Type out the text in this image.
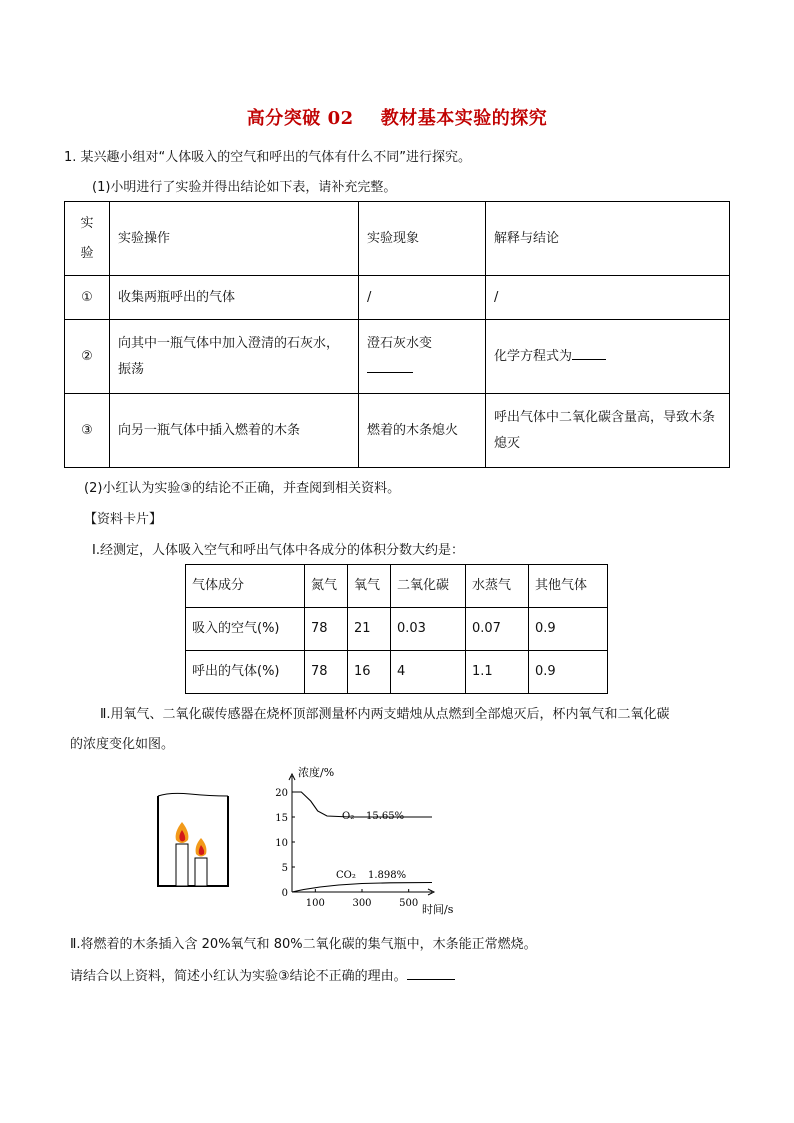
高分突破 02 教材基本实验的探究
1. 某兴趣小组对“人体吸入的空气和呼出的气体有什么不同”进行探究。
(1)小明进行了实验并得出结论如下表，请补充完整。
实
验	实验操作	实验现象	解释与结论
①	收集两瓶呼出的气体	/	/
②	向其中一瓶气体中加入澄清的石灰水，
振荡	澄石灰水变	化学方程式为
③	向另一瓶气体中插入燃着的木条	燃着的木条熄火	呼出气体中二氧化碳含量高，导致木条
熄灭
(2)小红认为实验③的结论不正确，并查阅到相关资料。
【资料卡片】
Ⅰ.经测定，人体吸入空气和呼出气体中各成分的体积分数大约是：
气体成分	氮气	氧气	二氧化碳	水蒸气	其他气体
吸入的空气(%)	78	21	0.03	0.07	0.9
呼出的气体(%)	78	16	4	1.1	0.9
Ⅱ.用氧气、二氧化碳传感器在烧杯顶部测量杯内两支蜡烛从点燃到全部熄灭后，杯内氧气和二氧化碳
的浓度变化如图。
浓度/%
时间/s
O₂ 15.65%
CO₂ 1.898%
0
5
10
15
20
100	300	500
Ⅱ.将燃着的木条插入含 20%氧气和 80%二氧化碳的集气瓶中，木条能正常燃烧。
请结合以上资料，简述小红认为实验③结论不正确的理由。
